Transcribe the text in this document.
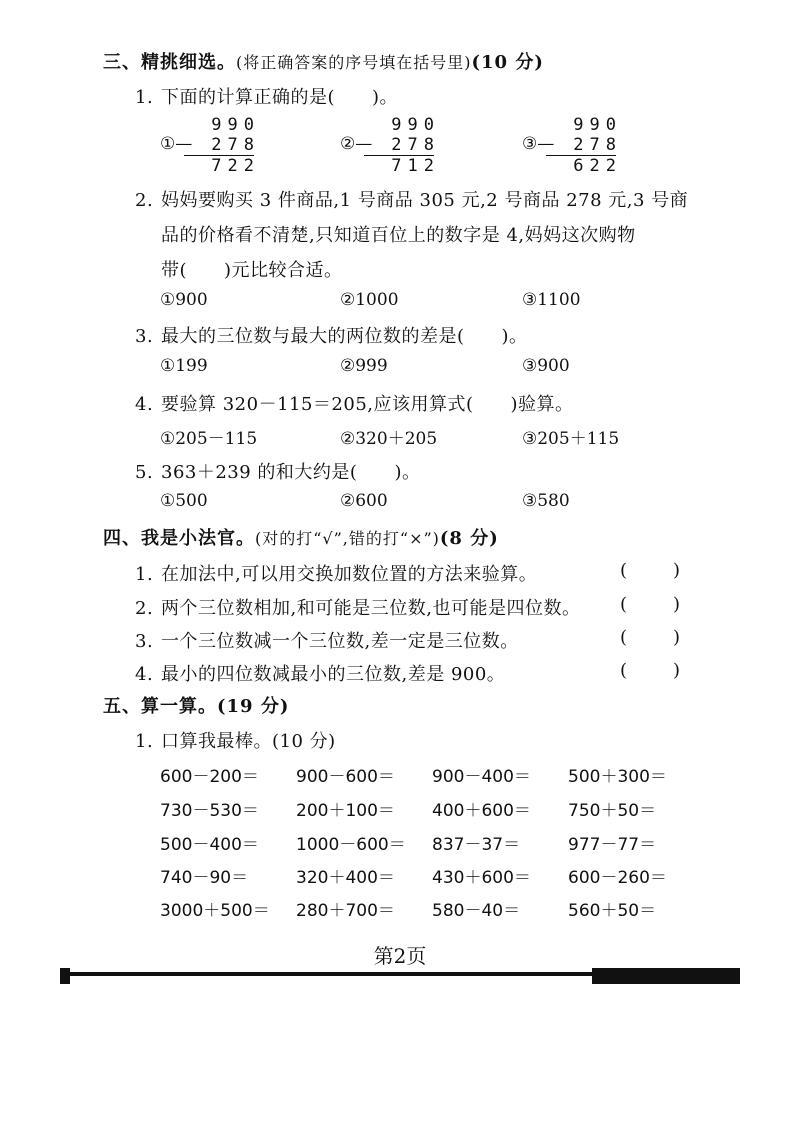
三、精挑细选。(将正确答案的序号填在括号里)(10 分)
1. 下面的计算正确的是(　　)。
990
278
722
①—
990
278
712
②—
990
278
622
③—
2. 妈妈要购买 3 件商品,1 号商品 305 元,2 号商品 278 元,3 号商
品的价格看不清楚,只知道百位上的数字是 4,妈妈这次购物
带(　　)元比较合适。
①900	②1000	③1100
3. 最大的三位数与最大的两位数的差是(　　)。
①199	②999	③900
4. 要验算 320－115＝205,应该用算式(　　)验算。
①205－115	②320＋205	③205＋115
5. 363＋239 的和大约是(　　)。
①500	②600	③580
四、我是小法官。(对的打“√”,错的打“×”)(8 分)
1. 在加法中,可以用交换加数位置的方法来验算。	(	)
2. 两个三位数相加,和可能是三位数,也可能是四位数。 (	)
3. 一个三位数减一个三位数,差一定是三位数。	(	)
4. 最小的四位数减最小的三位数,差是 900。	(	)
五、算一算。(19 分)
1. 口算我最棒。(10 分)
600－200＝ 900－600＝ 900－400＝ 500＋300＝
730－530＝ 200＋100＝ 400＋600＝ 750＋50＝
500－400＝ 1000－600＝ 837－37＝	977－77＝
740－90＝	320＋400＝ 430＋600＝ 600－260＝
3000＋500＝ 280＋700＝ 580－40＝	560＋50＝
第2页
